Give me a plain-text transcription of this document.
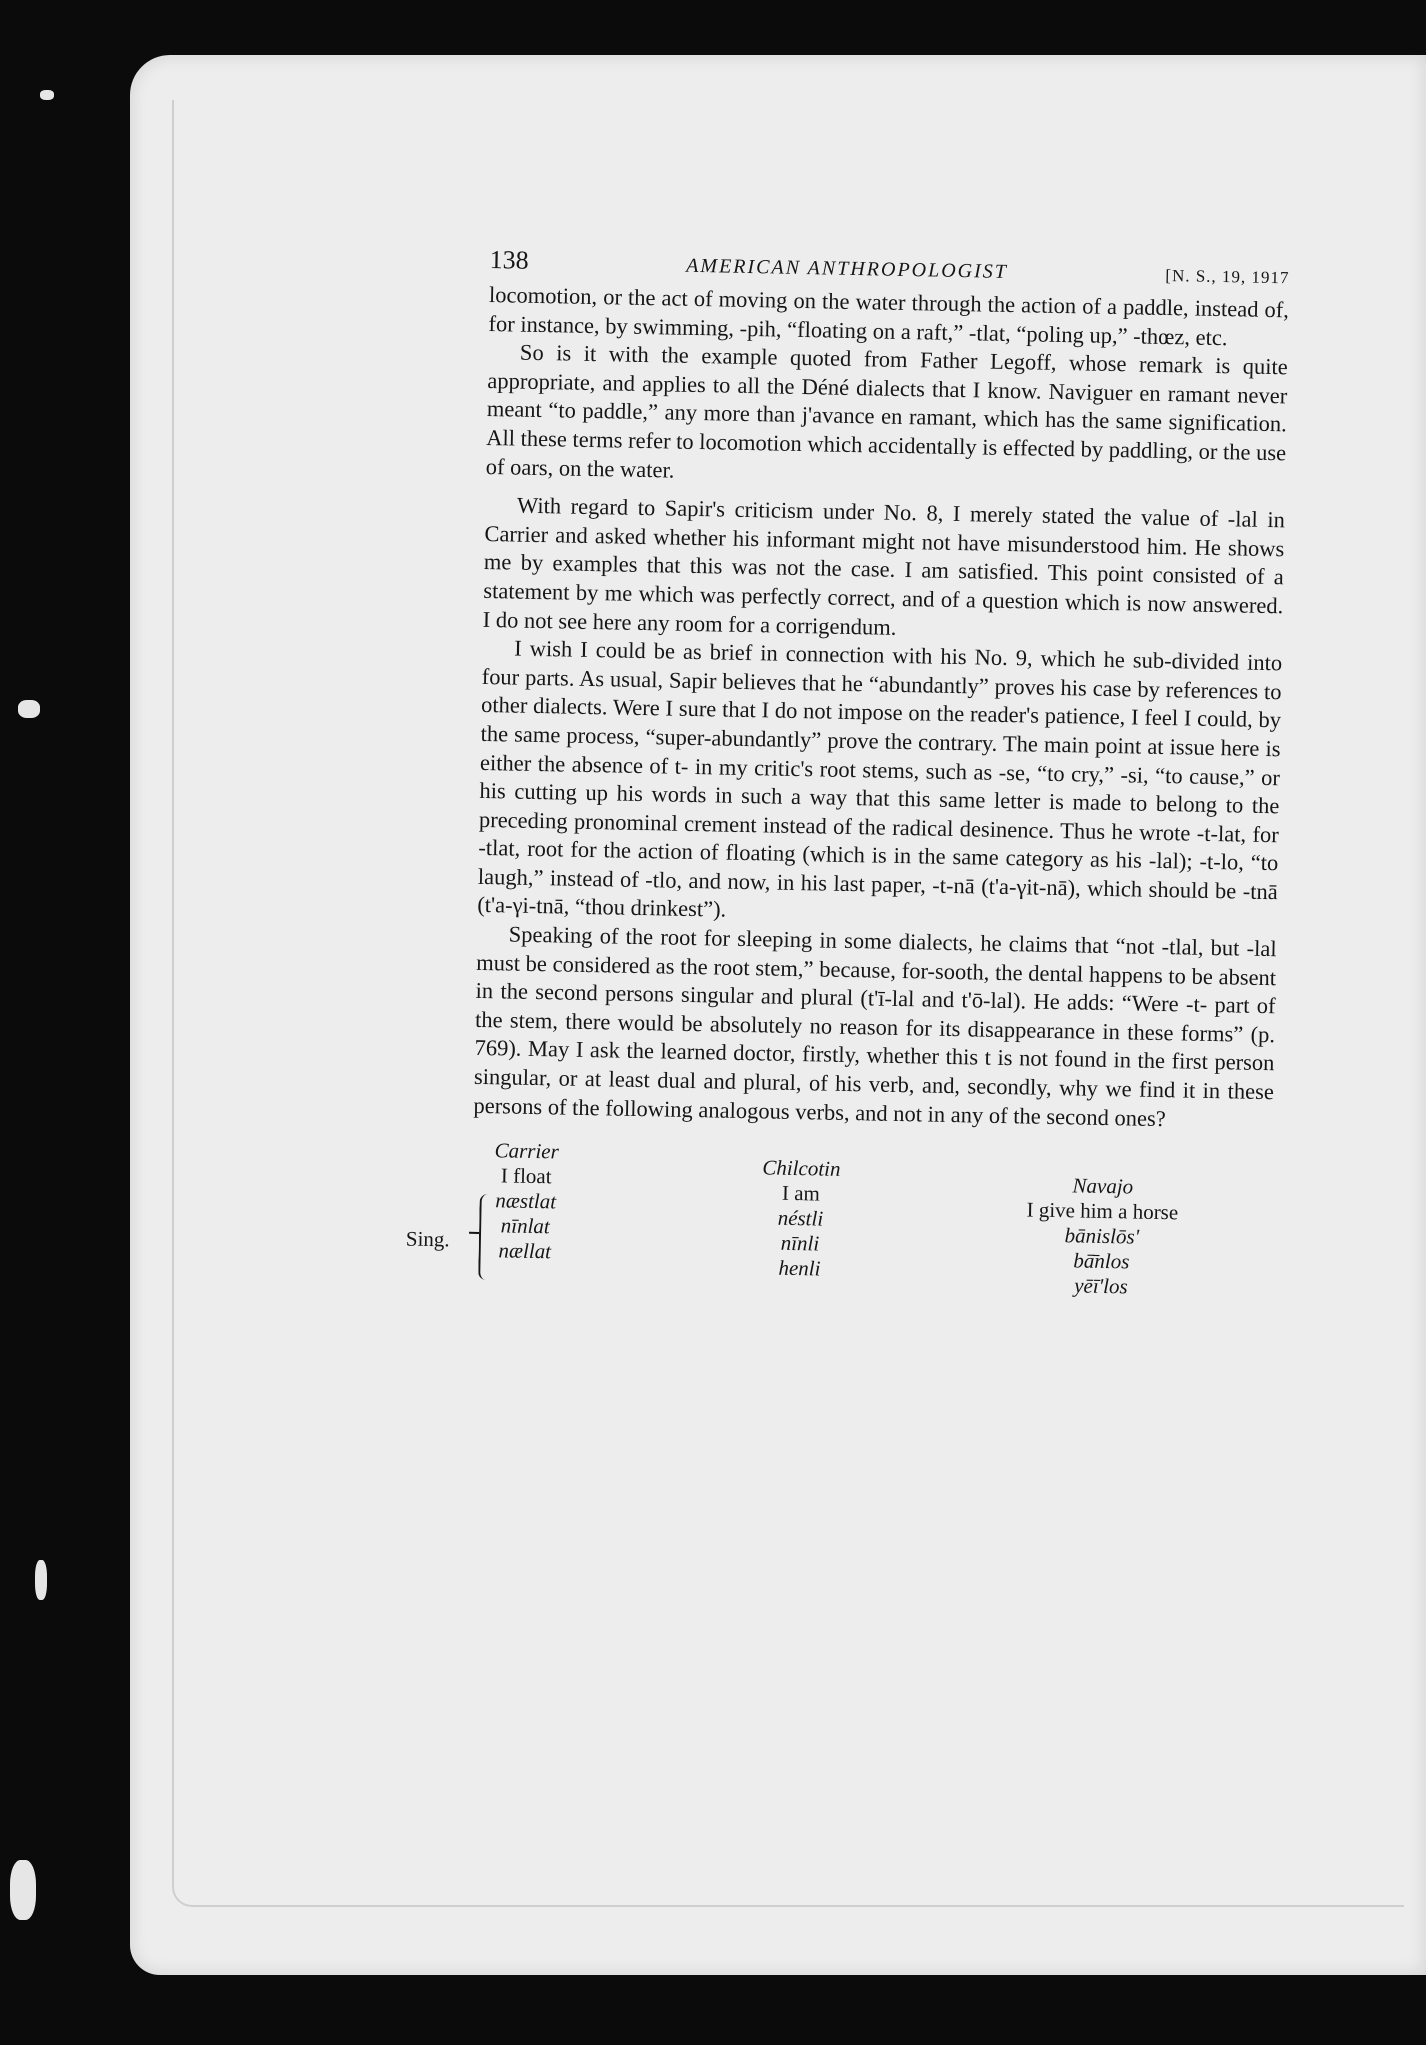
138	AMERICAN ANTHROPOLOGIST	[N. S., 19, 1917

locomotion, or the act of moving on the water through the action of a paddle, instead of, for instance, by swimming, -pih, “floating on a raft,” -tlat, “poling up,” -thœz, etc.

So is it with the example quoted from Father Legoff, whose remark is quite appropriate, and applies to all the Déné dialects that I know. Naviguer en ramant never meant “to paddle,” any more than j'avance en ramant, which has the same signification. All these terms refer to locomotion which accidentally is effected by paddling, or the use of oars, on the water.

With regard to Sapir's criticism under No. 8, I merely stated the value of -lal in Carrier and asked whether his informant might not have misunderstood him. He shows me by examples that this was not the case. I am satisfied. This point consisted of a statement by me which was perfectly correct, and of a question which is now answered. I do not see here any room for a corrigendum.

I wish I could be as brief in connection with his No. 9, which he sub-divided into four parts. As usual, Sapir believes that he “abundantly” proves his case by references to other dialects. Were I sure that I do not impose on the reader's patience, I feel I could, by the same process, “super-abundantly” prove the contrary. The main point at issue here is either the absence of t- in my critic's root stems, such as -se, “to cry,” -si, “to cause,” or his cutting up his words in such a way that this same letter is made to belong to the preceding pronominal crement instead of the radical desinence. Thus he wrote -t-lat, for -tlat, root for the action of floating (which is in the same category as his -lal); -t-lo, “to laugh,” instead of -tlo, and now, in his last paper, -t-nā (t'a-γit-nā), which should be -tnā (t'a-γi-tnā, “thou drinkest”).

Speaking of the root for sleeping in some dialects, he claims that “not -tlal, but -lal must be considered as the root stem,” because, for-sooth, the dental happens to be absent in the second persons singular and plural (t'ī-lal and t'ō-lal). He adds: “Were -t- part of the stem, there would be absolutely no reason for its disappearance in these forms” (p. 769). May I ask the learned doctor, firstly, whether this t is not found in the first person singular, or at least dual and plural, of his verb, and, secondly, why we find it in these persons of the following analogous verbs, and not in any of the second ones?

Sing.
Carrier
I float
næstlat
nīnlat
nællat
Chilcotin
I am
néstli
nīnli
henli
Navajo
I give him a horse
bānislōs'
bā̄nlos
yēī'los
